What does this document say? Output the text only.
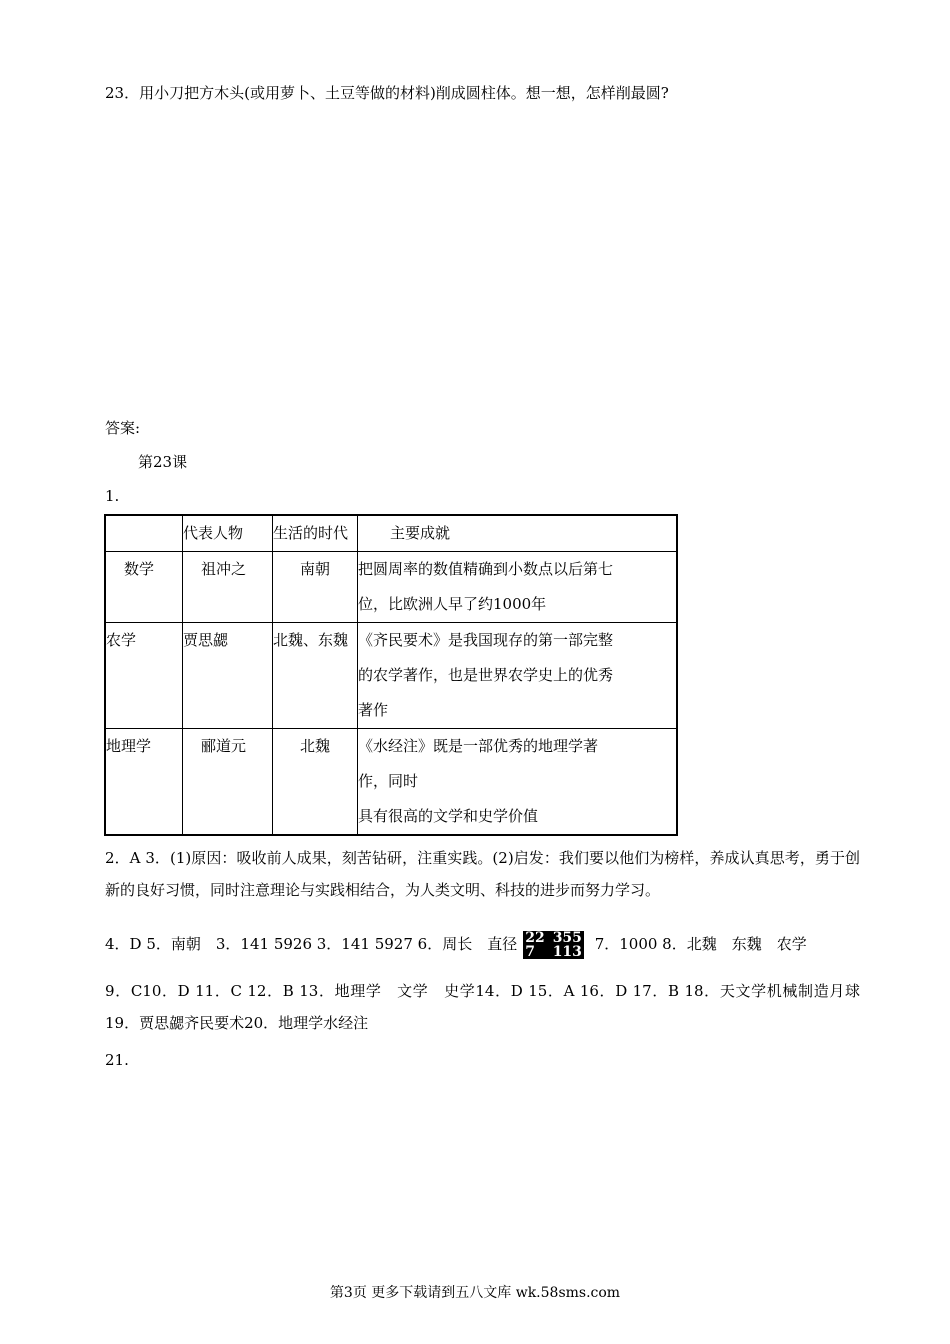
23．用小刀把方木头(或用萝卜、土豆等做的材料)削成圆柱体。想一想，怎样削最圆?
答案:
第23课
1.
	代表人物	生活的时代	主要成就
数学	祖冲之	南朝	把圆周率的数值精确到小数点以后第七
位，比欧洲人早了约1000年

农学	贾思勰	北魏、东魏	《齐民要术》是我国现存的第一部完整
的农学著作，也是世界农学史上的优秀
著作

地理学	郦道元	北魏	《水经注》既是一部优秀的地理学著
作，同时
具有很高的文学和史学价值
2．A 3．(1)原因：吸收前人成果，刻苦钻研，注重实践。(2)启发：我们要以他们为榜样，养成认真思考，勇于创新的良好习惯，同时注意理论与实践相结合，为人类文明、科技的进步而努力学习。
4．D 5．南朝　3．141 5926 3．141 5927 6．周长　直径 22
7355
113 7．1000 8．北魏　东魏　农学
9．C10．D 11．C 12．B 13．地理学　文学　史学14．D 15．A 16．D 17．B 18．天文学机械制造月球19．贾思勰齐民要术20．地理学水经注
21.
第3页 更多下载请到五八文库 wk.58sms.com
